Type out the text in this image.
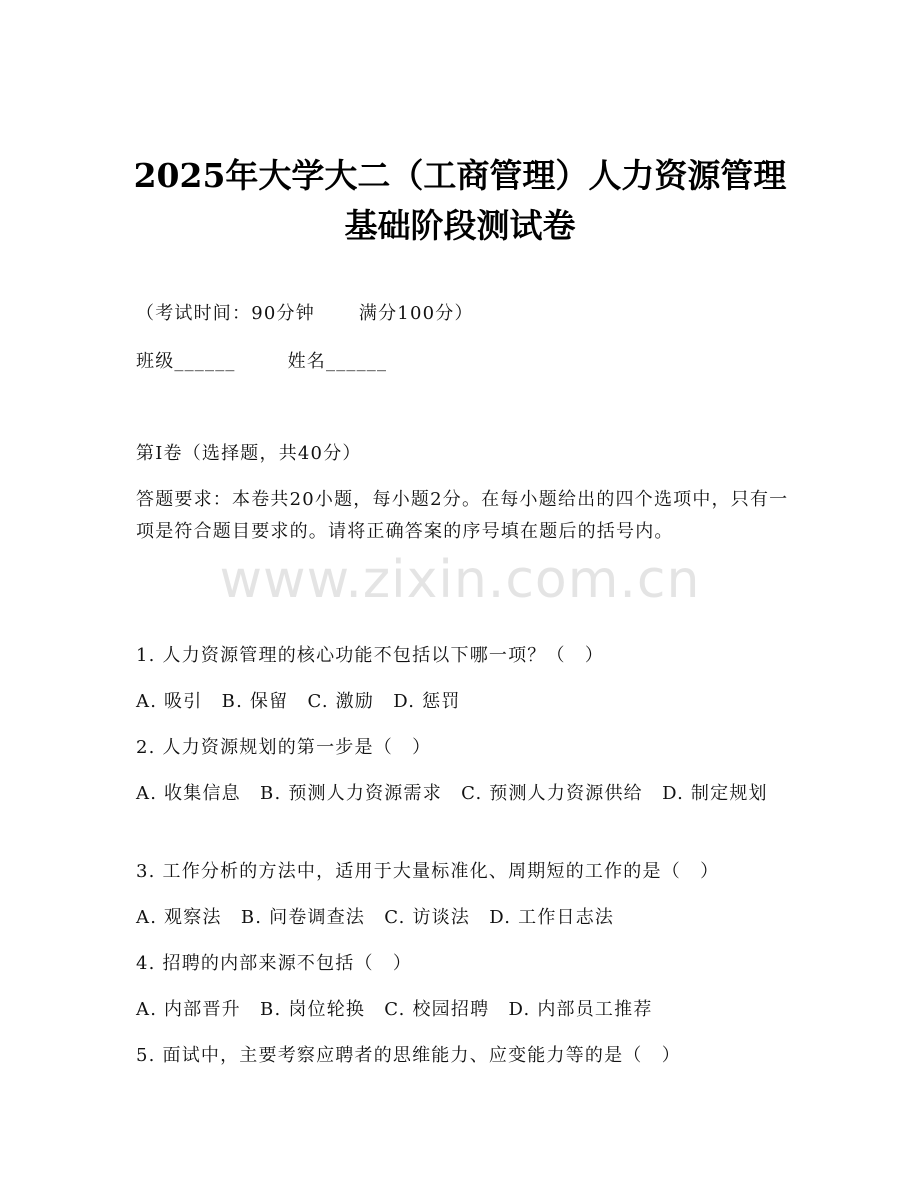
2025年大学大二（工商管理）人力资源管理
基础阶段测试卷

（考试时间：90分钟 满分100分）

班级______	姓名______

第I卷（选择题，共40分）

答题要求：本卷共20小题，每小题2分。在每小题给出的四个选项中，只有一项是符合题目要求的。请将正确答案的序号填在题后的括号内。

www.zixin.com.cn

1. 人力资源管理的核心功能不包括以下哪一项？（　）

A. 吸引　B. 保留　C. 激励　D. 惩罚

2. 人力资源规划的第一步是（　）

A. 收集信息　B. 预测人力资源需求　C. 预测人力资源供给　D. 制定规划

3. 工作分析的方法中，适用于大量标准化、周期短的工作的是（　）

A. 观察法　B. 问卷调查法　C. 访谈法　D. 工作日志法

4. 招聘的内部来源不包括（　）

A. 内部晋升　B. 岗位轮换　C. 校园招聘　D. 内部员工推荐

5. 面试中，主要考察应聘者的思维能力、应变能力等的是（　）
